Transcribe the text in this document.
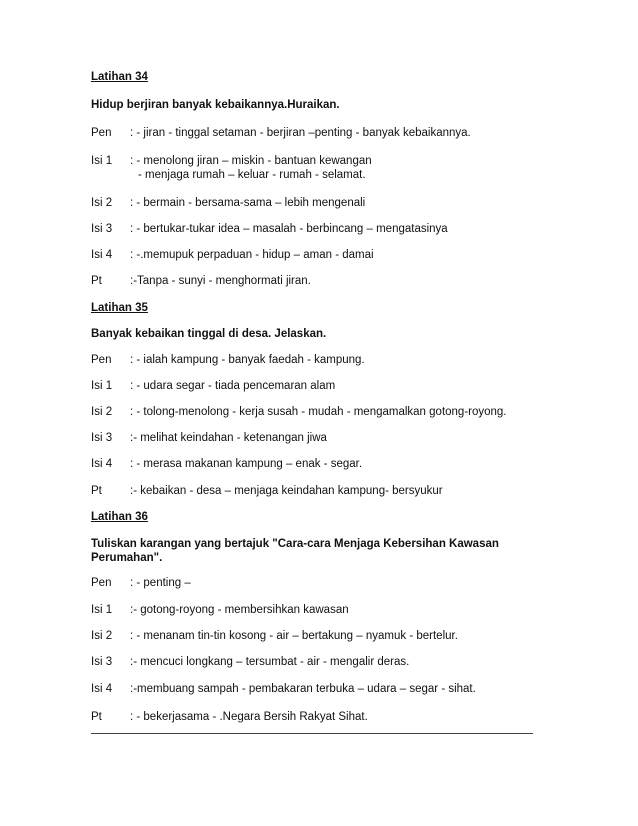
Latihan 34
Hidup berjiran banyak kebaikannya.Huraikan.
Pen : - jiran - tinggal setaman - berjiran –penting - banyak kebaikannya.
Isi 1 : - menolong jiran – miskin - bantuan kewangan
- menjaga rumah – keluar - rumah - selamat.
Isi 2 : - bermain - bersama-sama – lebih mengenali
Isi 3 : - bertukar-tukar idea – masalah - berbincang – mengatasinya
Isi 4 : -.memupuk perpaduan - hidup – aman - damai
Pt :-Tanpa - sunyi - menghormati jiran.
Latihan 35
Banyak kebaikan tinggal di desa. Jelaskan.
Pen : - ialah kampung - banyak faedah - kampung.
Isi 1 : - udara segar - tiada pencemaran alam
Isi 2 : - tolong-menolong - kerja susah - mudah - mengamalkan gotong-royong.
Isi 3 :- melihat keindahan - ketenangan jiwa
Isi 4 : - merasa makanan kampung – enak - segar.
Pt :- kebaikan - desa – menjaga keindahan kampung- bersyukur
Latihan 36
Tuliskan karangan yang bertajuk "Cara-cara Menjaga Kebersihan Kawasan Perumahan".
Pen : - penting –
Isi 1 :- gotong-royong - membersihkan kawasan
Isi 2 : - menanam tin-tin kosong - air – bertakung – nyamuk - bertelur.
Isi 3 :- mencuci longkang – tersumbat - air - mengalir deras.
Isi 4 :-membuang sampah - pembakaran terbuka – udara – segar - sihat.
Pt : - bekerjasama - .Negara Bersih Rakyat Sihat.
